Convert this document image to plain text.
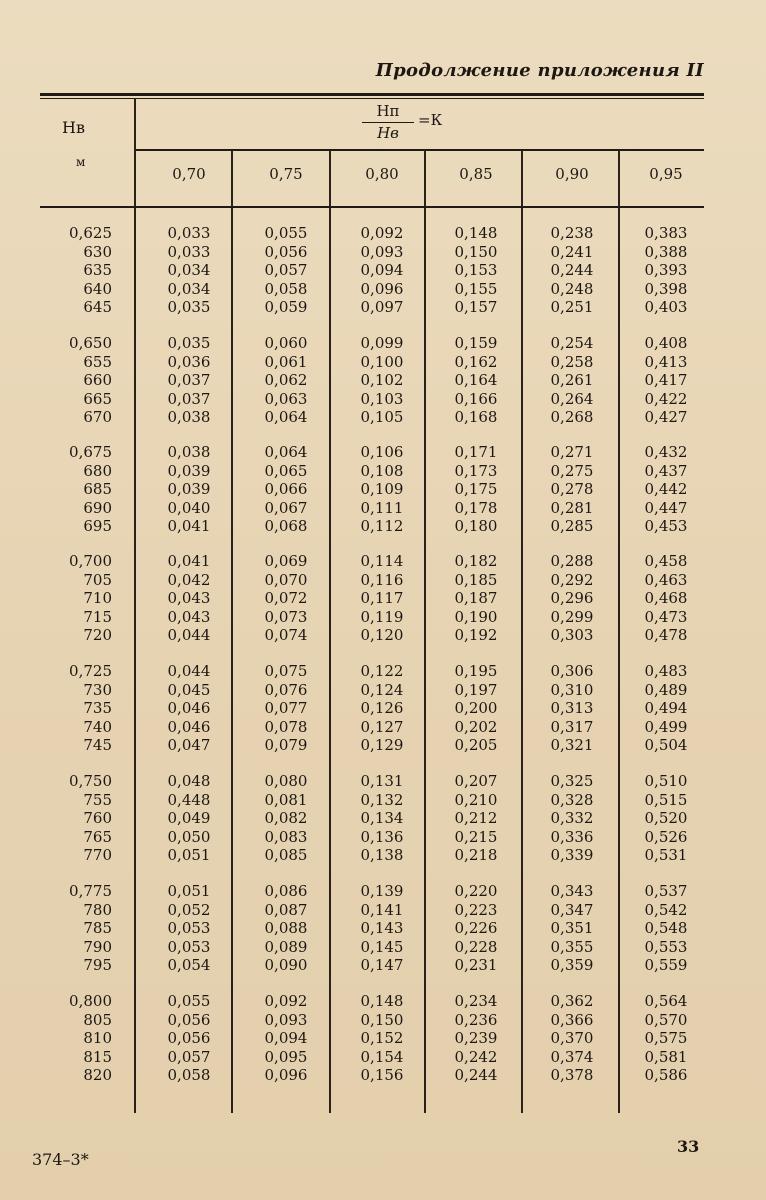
Продолжение приложения II
Нв
м
Нп
Нв
=К
0,70	0,75	0,80	0,85	0,90	0,95
0,625	0,033	0,055	0,092	0,148	0,238	0,383
630	0,033	0,056	0,093	0,150	0,241	0,388
635	0,034	0,057	0,094	0,153	0,244	0,393
640	0,034	0,058	0,096	0,155	0,248	0,398
645	0,035	0,059	0,097	0,157	0,251	0,403
0,650	0,035	0,060	0,099	0,159	0,254	0,408
655	0,036	0,061	0,100	0,162	0,258	0,413
660	0,037	0,062	0,102	0,164	0,261	0,417
665	0,037	0,063	0,103	0,166	0,264	0,422
670	0,038	0,064	0,105	0,168	0,268	0,427
0,675	0,038	0,064	0,106	0,171	0,271	0,432
680	0,039	0,065	0,108	0,173	0,275	0,437
685	0,039	0,066	0,109	0,175	0,278	0,442
690	0,040	0,067	0,111	0,178	0,281	0,447
695	0,041	0,068	0,112	0,180	0,285	0,453
0,700	0,041	0,069	0,114	0,182	0,288	0,458
705	0,042	0,070	0,116	0,185	0,292	0,463
710	0,043	0,072	0,117	0,187	0,296	0,468
715	0,043	0,073	0,119	0,190	0,299	0,473
720	0,044	0,074	0,120	0,192	0,303	0,478
0,725	0,044	0,075	0,122	0,195	0,306	0,483
730	0,045	0,076	0,124	0,197	0,310	0,489
735	0,046	0,077	0,126	0,200	0,313	0,494
740	0,046	0,078	0,127	0,202	0,317	0,499
745	0,047	0,079	0,129	0,205	0,321	0,504
0,750	0,048	0,080	0,131	0,207	0,325	0,510
755	0,448	0,081	0,132	0,210	0,328	0,515
760	0,049	0,082	0,134	0,212	0,332	0,520
765	0,050	0,083	0,136	0,215	0,336	0,526
770	0,051	0,085	0,138	0,218	0,339	0,531
0,775	0,051	0,086	0,139	0,220	0,343	0,537
780	0,052	0,087	0,141	0,223	0,347	0,542
785	0,053	0,088	0,143	0,226	0,351	0,548
790	0,053	0,089	0,145	0,228	0,355	0,553
795	0,054	0,090	0,147	0,231	0,359	0,559
0,800	0,055	0,092	0,148	0,234	0,362	0,564
805	0,056	0,093	0,150	0,236	0,366	0,570
810	0,056	0,094	0,152	0,239	0,370	0,575
815	0,057	0,095	0,154	0,242	0,374	0,581
820	0,058	0,096	0,156	0,244	0,378	0,586
374–3*
33
